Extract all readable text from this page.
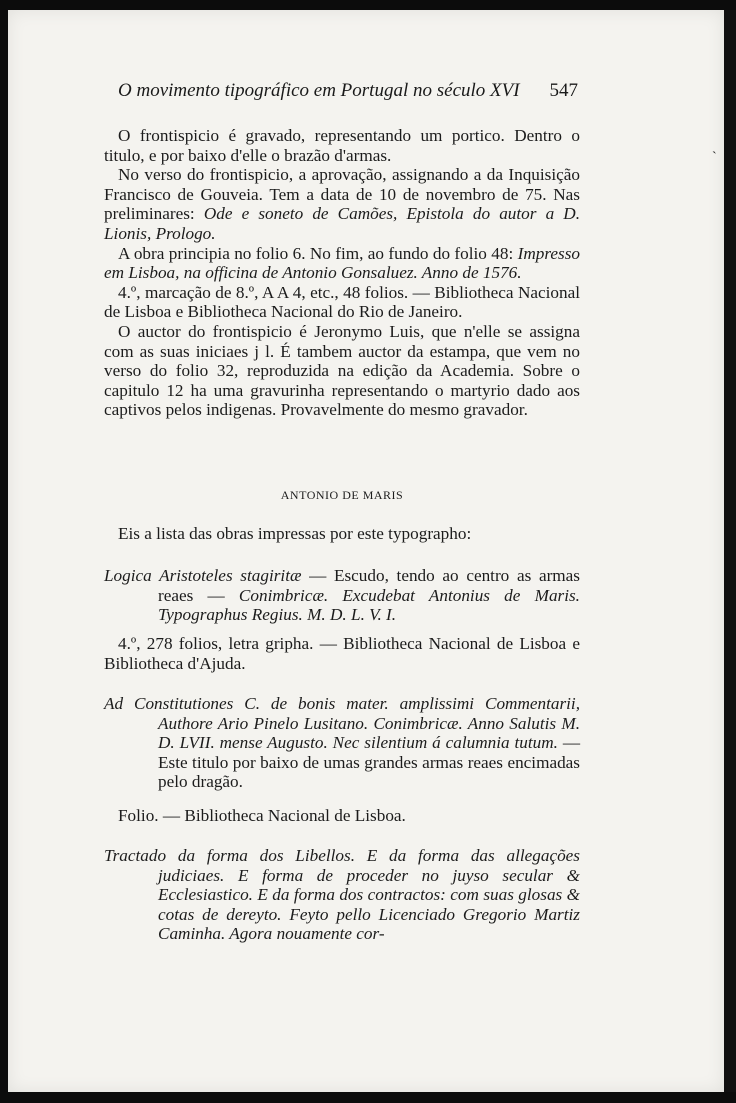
ˋ
O movimento tipográfico em Portugal no século XVI 547

O frontispicio é gravado, representando um portico. Dentro o titulo, e por baixo d'elle o brazão d'armas.

No verso do frontispicio, a aprovação, assignando a da Inquisição Francisco de Gouveia. Tem a data de 10 de novembro de 75. Nas preliminares: Ode e soneto de Camões, Epistola do autor a D. Lionis, Prologo.

A obra principia no folio 6. No fim, ao fundo do folio 48: Impresso em Lisboa, na officina de Antonio Gonsaluez. Anno de 1576.

4.º, marcação de 8.º, A A 4, etc., 48 folios. — Bibliotheca Nacional de Lisboa e Bibliotheca Nacional do Rio de Janeiro.

O auctor do frontispicio é Jeronymo Luis, que n'elle se assigna com as suas iniciaes j l. É tambem auctor da estampa, que vem no verso do folio 32, reproduzida na edição da Academia. Sobre o capitulo 12 ha uma gravurinha representando o martyrio dado aos captivos pelos indigenas. Provavelmente do mesmo gravador.

ANTONIO DE MARIS

Eis a lista das obras impressas por este typographo:

Logica Aristoteles stagiritæ — Escudo, tendo ao centro as armas reaes — Conimbricæ. Excudebat Antonius de Maris. Typographus Regius. M. D. L. V. I.

4.º, 278 folios, letra gripha. — Bibliotheca Nacional de Lisboa e Bibliotheca d'Ajuda.

Ad Constitutiones C. de bonis mater. amplissimi Commentarii, Authore Ario Pinelo Lusitano. Conimbricæ. Anno Salutis M. D. LVII. mense Augusto. Nec silentium á calumnia tutum. — Este titulo por baixo de umas grandes armas reaes encimadas pelo dragão.

Folio. — Bibliotheca Nacional de Lisboa.

Tractado da forma dos Libellos. E da forma das allegações judiciaes. E forma de proceder no juyso secular & Ecclesiastico. E da forma dos contractos: com suas glosas & cotas de dereyto. Feyto pello Licenciado Gregorio Martiz Caminha. Agora nouamente cor-
